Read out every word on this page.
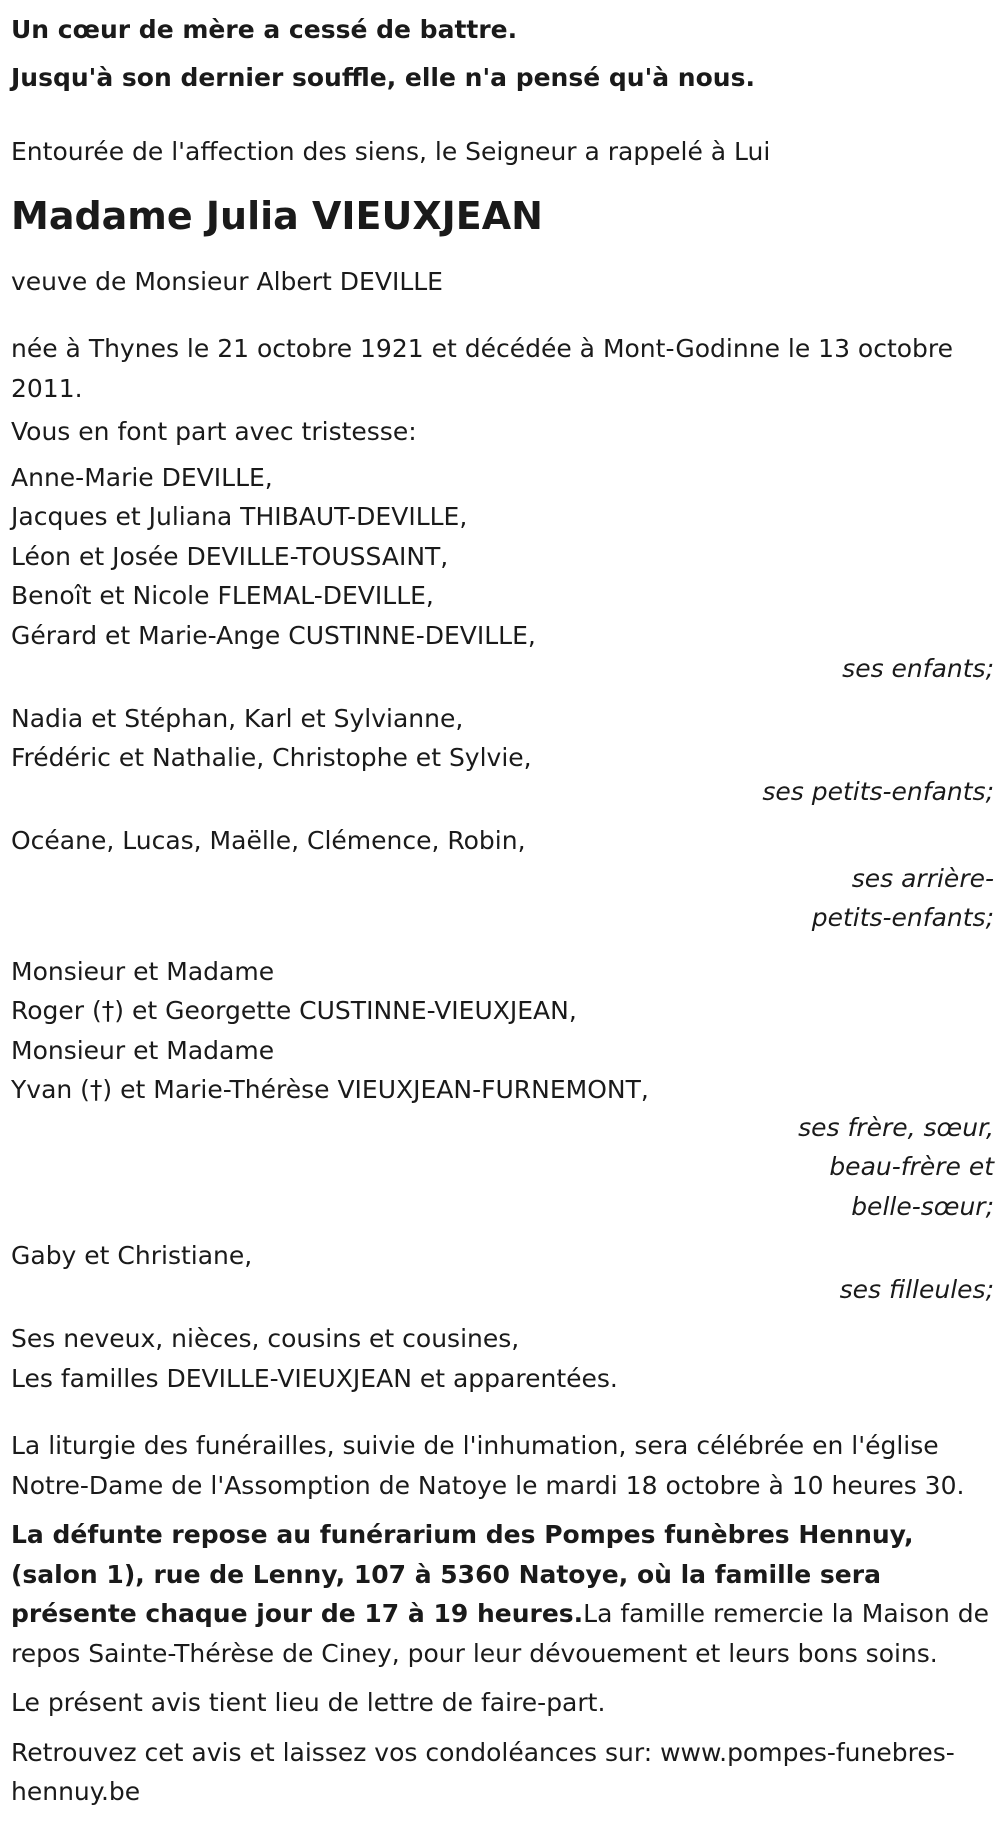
Un cœur de mère a cessé de battre.

Jusqu'à son dernier souffle, elle n'a pensé qu'à nous.

Entourée de l'affection des siens, le Seigneur a rappelé à Lui

Madame Julia VIEUXJEAN

veuve de Monsieur Albert DEVILLE

née à Thynes le 21 octobre 1921 et décédée à Mont-Godinne le 13 octobre 2011.

Vous en font part avec tristesse:

Anne-Marie DEVILLE,
Jacques et Juliana THIBAUT-DEVILLE,
Léon et Josée DEVILLE-TOUSSAINT,
Benoît et Nicole FLEMAL-DEVILLE,
Gérard et Marie-Ange CUSTINNE-DEVILLE,

ses enfants;

Nadia et Stéphan, Karl et Sylvianne,
Frédéric et Nathalie, Christophe et Sylvie,

ses petits-enfants;

Océane, Lucas, Maëlle, Clémence, Robin,

ses arrière-petits-enfants;

Monsieur et Madame
Roger (†) et Georgette CUSTINNE-VIEUXJEAN,
Monsieur et Madame
Yvan (†) et Marie-Thérèse VIEUXJEAN-FURNEMONT,

ses frère, sœur, beau-frère et belle-sœur;

Gaby et Christiane,

ses filleules;

Ses neveux, nièces, cousins et cousines,
Les familles DEVILLE-VIEUXJEAN et apparentées.

La liturgie des funérailles, suivie de l'inhumation, sera célébrée en l'église Notre-Dame de l'Assomption de Natoye le mardi 18 octobre à 10 heures 30.

La défunte repose au funérarium des Pompes funèbres Hennuy, (salon 1), rue de Lenny, 107 à 5360 Natoye, où la famille sera présente chaque jour de 17 à 19 heures.La famille remercie la Maison de repos Sainte-Thérèse de Ciney, pour leur dévouement et leurs bons soins.

Le présent avis tient lieu de lettre de faire-part.

Retrouvez cet avis et laissez vos condoléances sur: www.pompes-funebres-hennuy.be
